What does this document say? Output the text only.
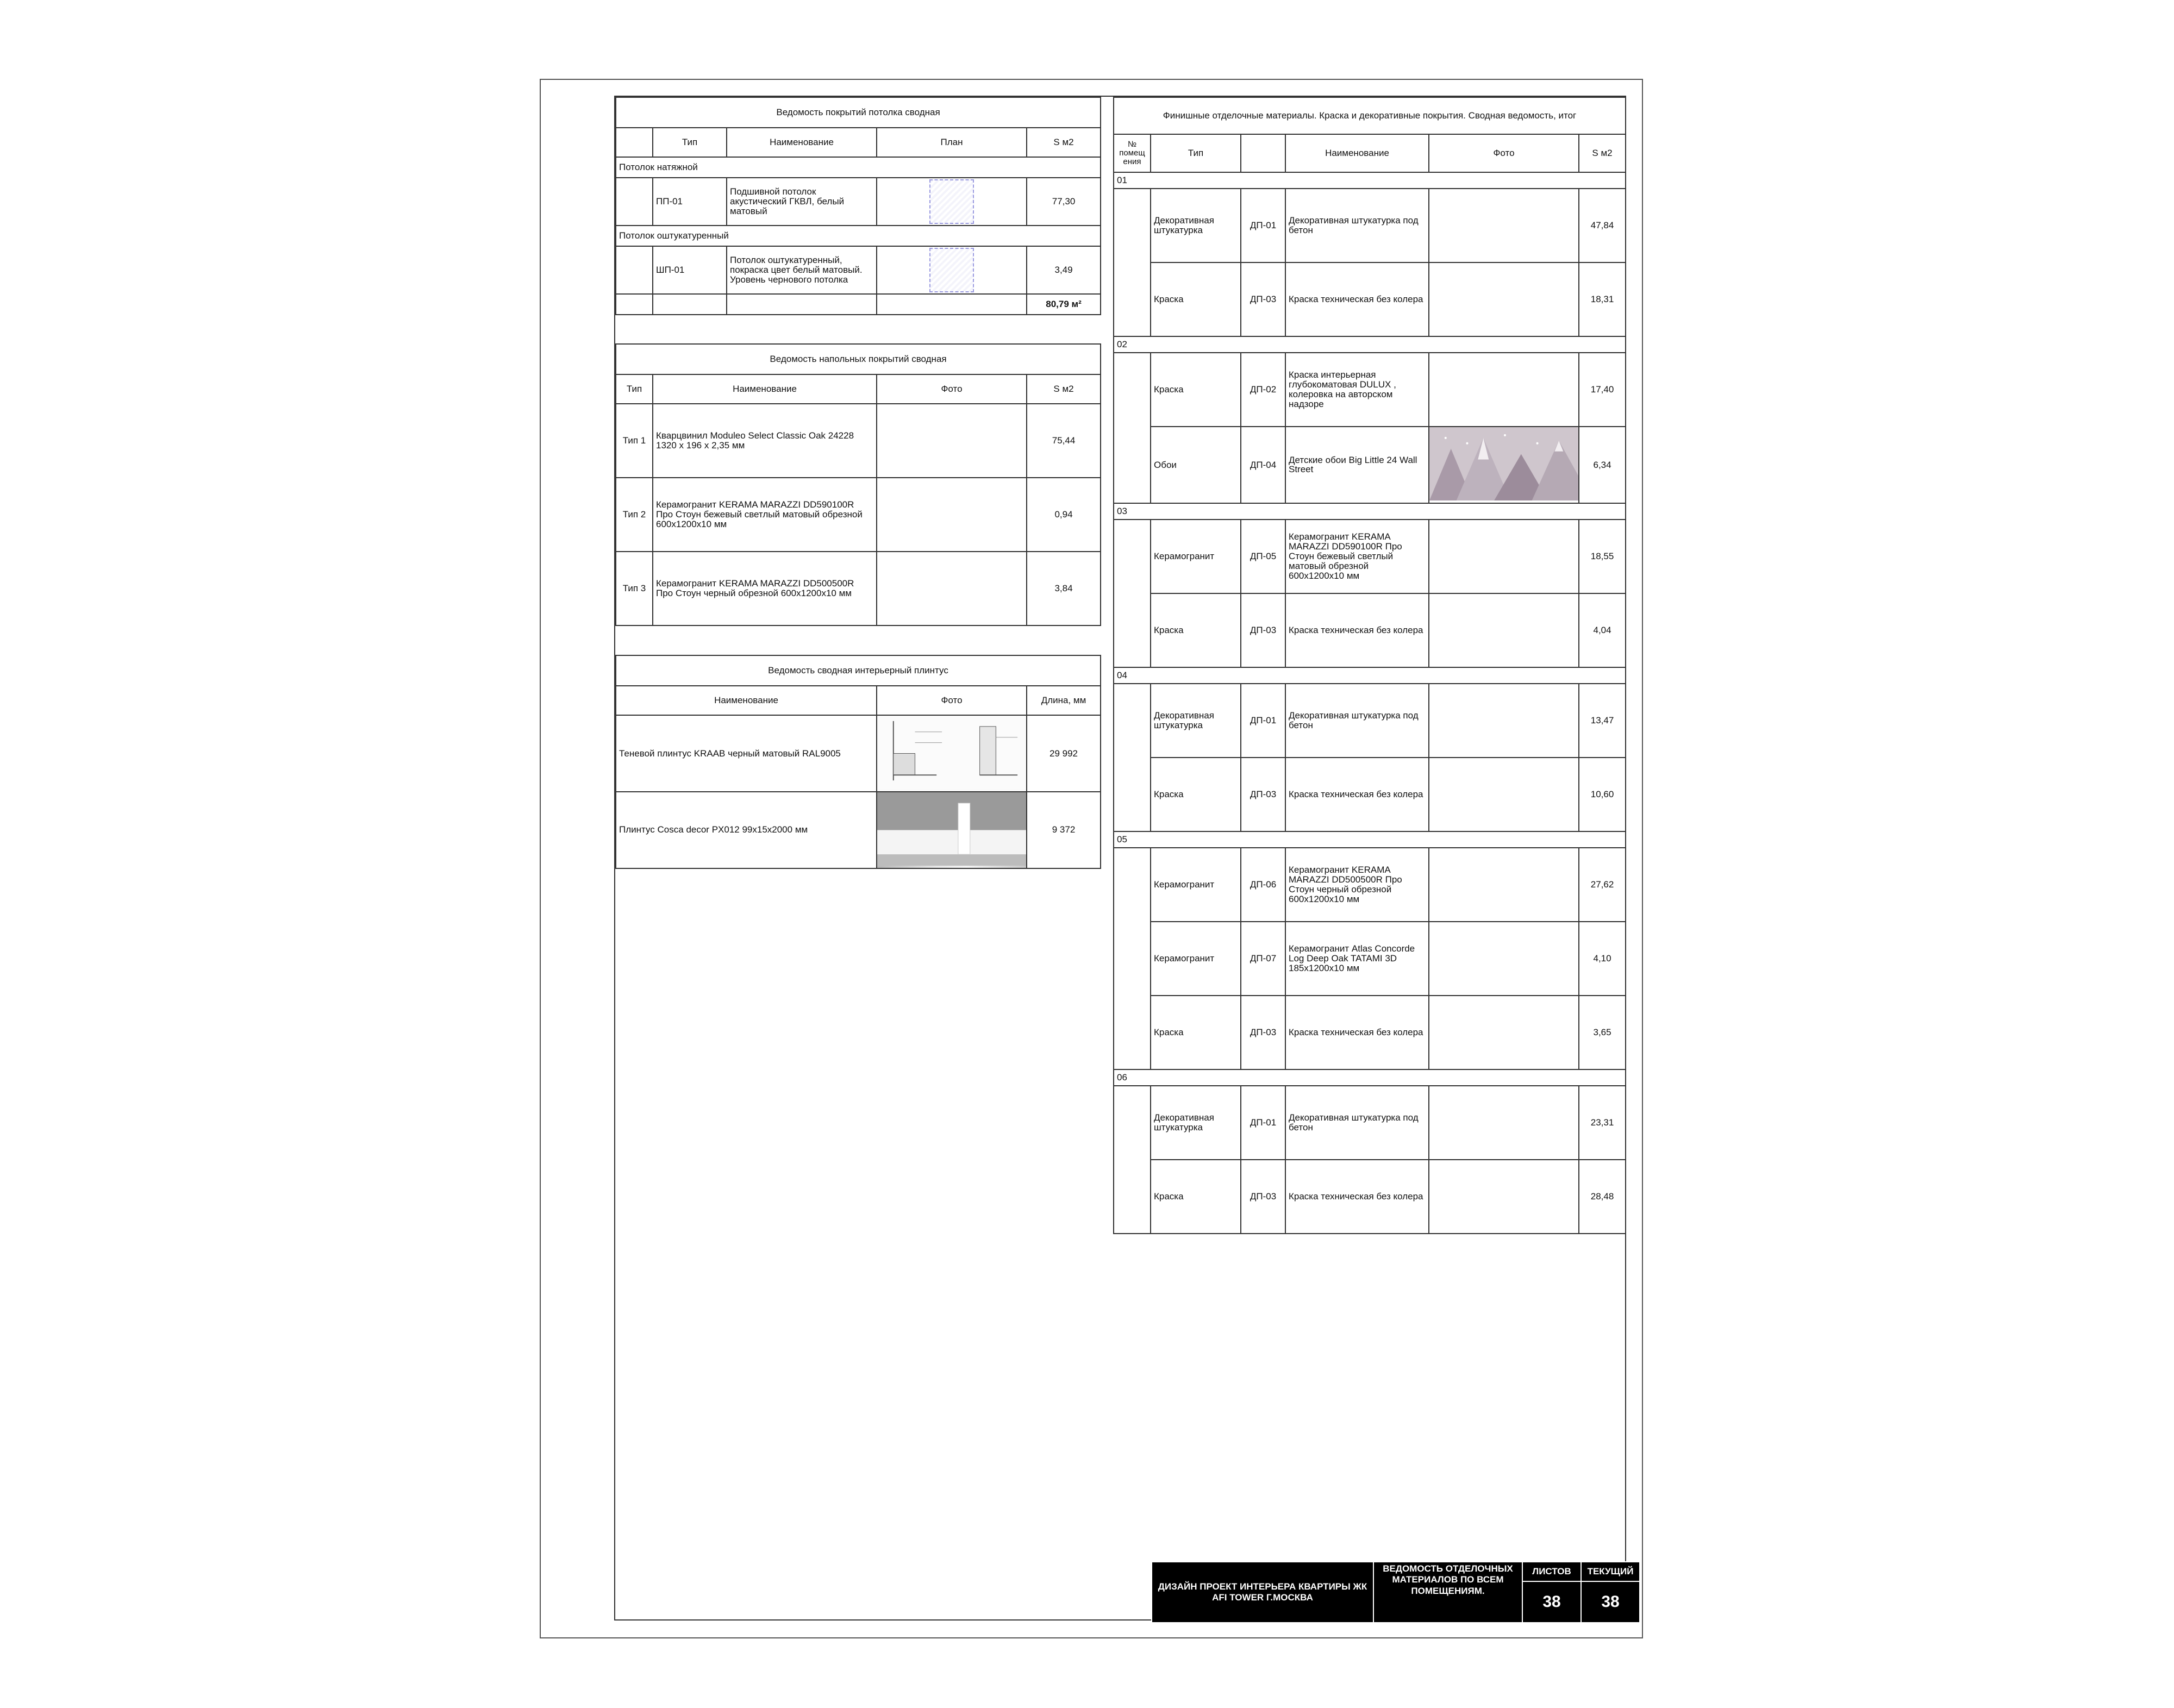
Ведомость покрытий потолка сводная				
	Тип	Наименование	План	S м2
Потолок натяжной				
	ПП-01	Подшивной потолок акустический ГКВЛ, белый матовый		77,30
Потолок оштукатуренный				
	ШП-01	Потолок оштукатуренный, покраска цвет белый матовый. Уровень чернового потолка		3,49
				80,79 м²
Ведомость напольных покрытий сводная			
Тип	Наименование	Фото	S м2
Тип 1	Кварцвинил Moduleo Select Classic Oak 24228 1320 х 196 х 2,35 мм		75,44
Тип 2	Керамогранит KERAMA MARAZZI DD590100R Про Стоун бежевый светлый матовый обрезной 600x1200x10 мм		0,94
Тип 3	Керамогранит KERAMA MARAZZI DD500500R Про Стоун черный обрезной 600x1200x10 мм		3,84
Ведомость сводная интерьерный плинтус		
Наименование	Фото	Длина, мм
Теневой плинтус KRAAB черный матовый RAL9005		29 992
Плинтус Cosca decor PX012 99x15x2000 мм		9 372
Финишные отделочные материалы. Краска и декоративные покрытия. Сводная ведомость, итог					
№ помещ ения	Тип		Наименование	Фото	S м2
01					
	Декоративная штукатурка	ДП-01	Декоративная штукатурка под бетон		47,84
	Краска	ДП-03	Краска техническая без колера		18,31
02					
	Краска	ДП-02	Краска интерьерная глубокоматовая DULUX , колеровка на авторском надзоре		17,40
	Обои	ДП-04	Детские обои Big Little 24 Wall Street		6,34
03					
	Керамогранит	ДП-05	Керамогранит KERAMA MARAZZI DD590100R Про Стоун бежевый светлый матовый обрезной 600x1200x10 мм		18,55
	Краска	ДП-03	Краска техническая без колера		4,04
04					
	Декоративная штукатурка	ДП-01	Декоративная штукатурка под бетон		13,47
	Краска	ДП-03	Краска техническая без колера		10,60
05					
	Керамогранит	ДП-06	Керамогранит KERAMA MARAZZI DD500500R Про Стоун черный обрезной 600x1200x10 мм		27,62
	Керамогранит	ДП-07	Керамогранит Atlas Concorde Log Deep Oak TATAMI 3D 185x1200x10 мм		4,10
	Краска	ДП-03	Краска техническая без колера		3,65
06					
	Декоративная штукатурка	ДП-01	Декоративная штукатурка под бетон		23,31
	Краска	ДП-03	Краска техническая без колера		28,48
ДИЗАЙН ПРОЕКТ ИНТЕРЬЕРА КВАРТИРЫ ЖК AFI TOWER Г.МОСКВА	ВЕДОМОСТЬ ОТДЕЛОЧНЫХ МАТЕРИАЛОВ ПО ВСЕМ ПОМЕЩЕНИЯМ.	ЛИСТОВ	ТЕКУЩИЙ
		38	38
